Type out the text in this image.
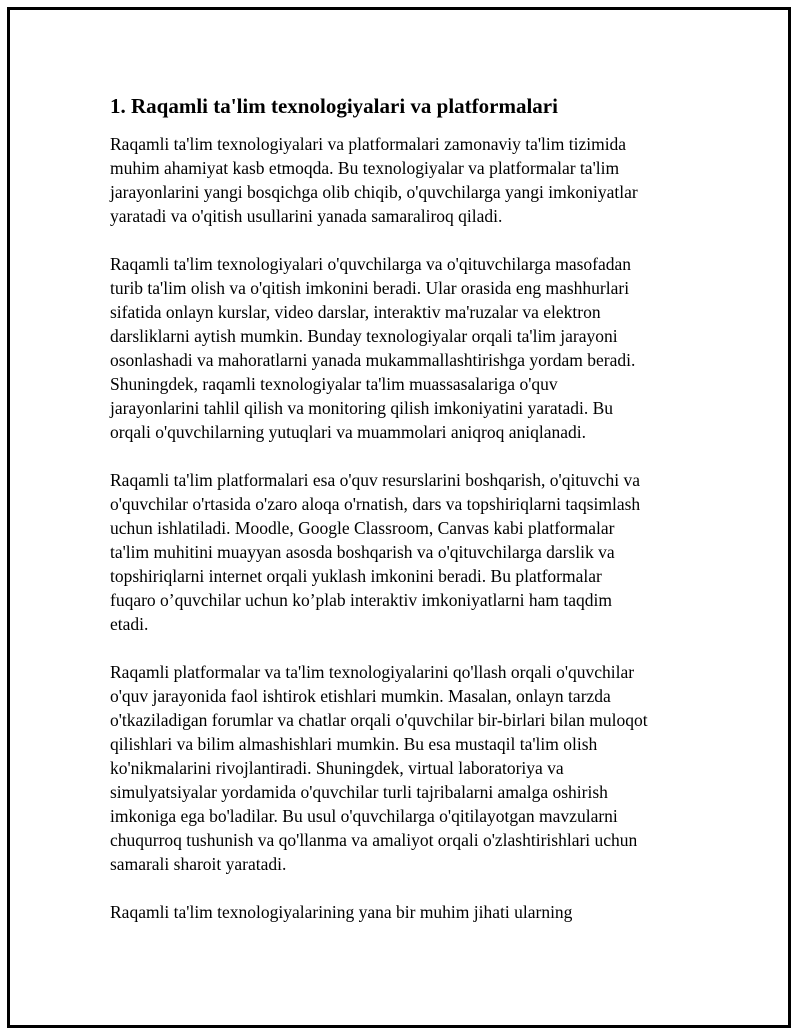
1. Raqamli ta'lim texnologiyalari va platformalari

Raqamli ta'lim texnologiyalari va platformalari zamonaviy ta'lim tizimida
muhim ahamiyat kasb etmoqda. Bu texnologiyalar va platformalar ta'lim
jarayonlarini yangi bosqichga olib chiqib, o'quvchilarga yangi imkoniyatlar
yaratadi va o'qitish usullarini yanada samaraliroq qiladi.

Raqamli ta'lim texnologiyalari o'quvchilarga va o'qituvchilarga masofadan
turib ta'lim olish va o'qitish imkonini beradi. Ular orasida eng mashhurlari
sifatida onlayn kurslar, video darslar, interaktiv ma'ruzalar va elektron
darsliklarni aytish mumkin. Bunday texnologiyalar orqali ta'lim jarayoni
osonlashadi va mahoratlarni yanada mukammallashtirishga yordam beradi.
Shuningdek, raqamli texnologiyalar ta'lim muassasalariga o'quv
jarayonlarini tahlil qilish va monitoring qilish imkoniyatini yaratadi. Bu
orqali o'quvchilarning yutuqlari va muammolari aniqroq aniqlanadi.

Raqamli ta'lim platformalari esa o'quv resurslarini boshqarish, o'qituvchi va
o'quvchilar o'rtasida o'zaro aloqa o'rnatish, dars va topshiriqlarni taqsimlash
uchun ishlatiladi. Moodle, Google Classroom, Canvas kabi platformalar
ta'lim muhitini muayyan asosda boshqarish va o'qituvchilarga darslik va
topshiriqlarni internet orqali yuklash imkonini beradi. Bu platformalar
fuqaro o’quvchilar uchun ko’plab interaktiv imkoniyatlarni ham taqdim
etadi.

Raqamli platformalar va ta'lim texnologiyalarini qo'llash orqali o'quvchilar
o'quv jarayonida faol ishtirok etishlari mumkin. Masalan, onlayn tarzda
o'tkaziladigan forumlar va chatlar orqali o'quvchilar bir-birlari bilan muloqot
qilishlari va bilim almashishlari mumkin. Bu esa mustaqil ta'lim olish
ko'nikmalarini rivojlantiradi. Shuningdek, virtual laboratoriya va
simulyatsiyalar yordamida o'quvchilar turli tajribalarni amalga oshirish
imkoniga ega bo'ladilar. Bu usul o'quvchilarga o'qitilayotgan mavzularni
chuqurroq tushunish va qo'llanma va amaliyot orqali o'zlashtirishlari uchun
samarali sharoit yaratadi.

Raqamli ta'lim texnologiyalarining yana bir muhim jihati ularning
